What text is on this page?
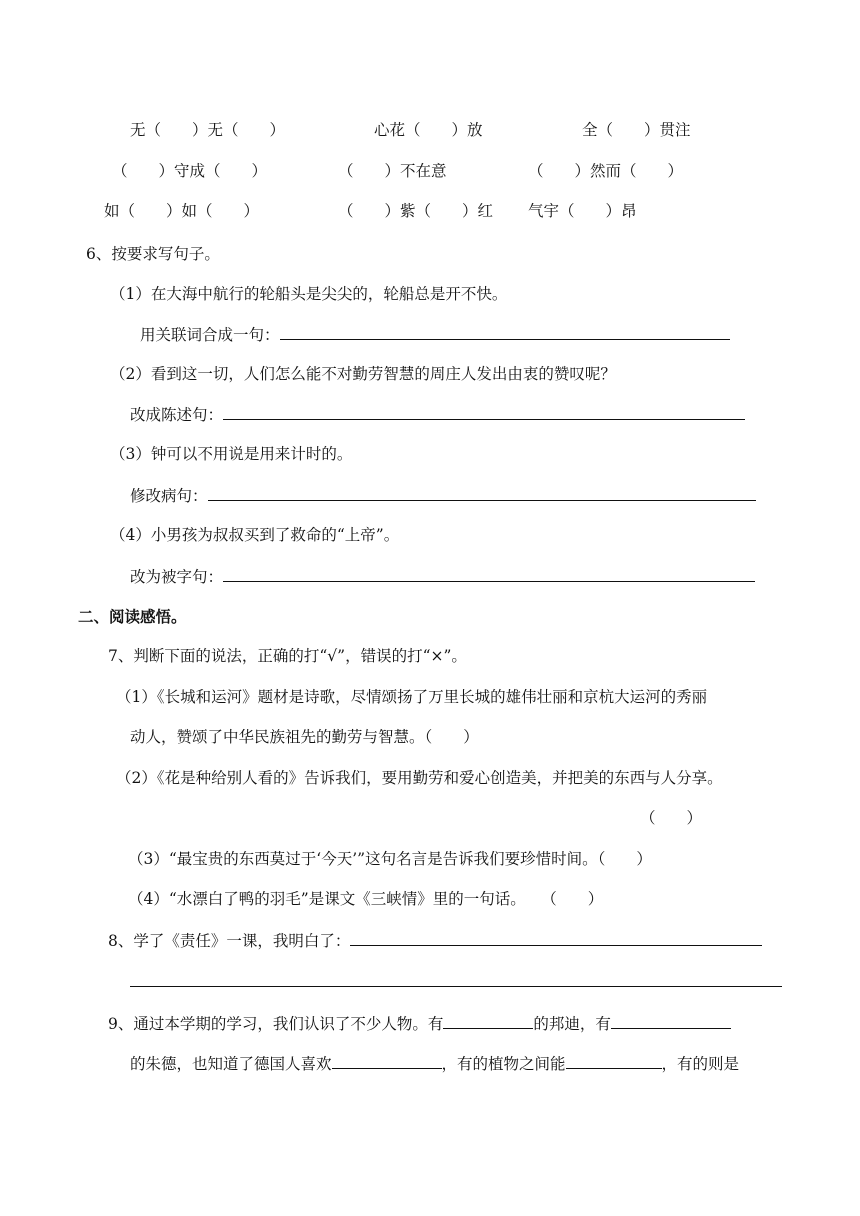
无（　　）无（　　）	心花（　　）放	全（　　）贯注
（　　）守成（　　）	（　　）不在意	（　　）然而（　　）
如（　　）如（　　）	（　　）紫（　　）红 气宇（　　）昂
6、按要求写句子。
（1）在大海中航行的轮船头是尖尖的，轮船总是开不快。
用关联词合成一句：
（2）看到这一切，人们怎么能不对勤劳智慧的周庄人发出由衷的赞叹呢？
改成陈述句：
（3）钟可以不用说是用来计时的。
修改病句：
（4）小男孩为叔叔买到了救命的“上帝”。
改为被字句：
二、阅读感悟。
7、判断下面的说法，正确的打“√”，错误的打“×”。
（1）《长城和运河》题材是诗歌，尽情颂扬了万里长城的雄伟壮丽和京杭大运河的秀丽
动人，赞颂了中华民族祖先的勤劳与智慧。（　　）
（2）《花是种给别人看的》告诉我们，要用勤劳和爱心创造美，并把美的东西与人分享。
（　　）
（3）“最宝贵的东西莫过于‘今天’”这句名言是告诉我们要珍惜时间。（　　）
（4）“水漂白了鸭的羽毛”是课文《三峡情》里的一句话。　　（　　）
8、学了《责任》一课，我明白了：
9、通过本学期的学习，我们认识了不少人物。有	的邦迪，有
的朱德，也知道了德国人喜欢	，有的植物之间能	，有的则是
